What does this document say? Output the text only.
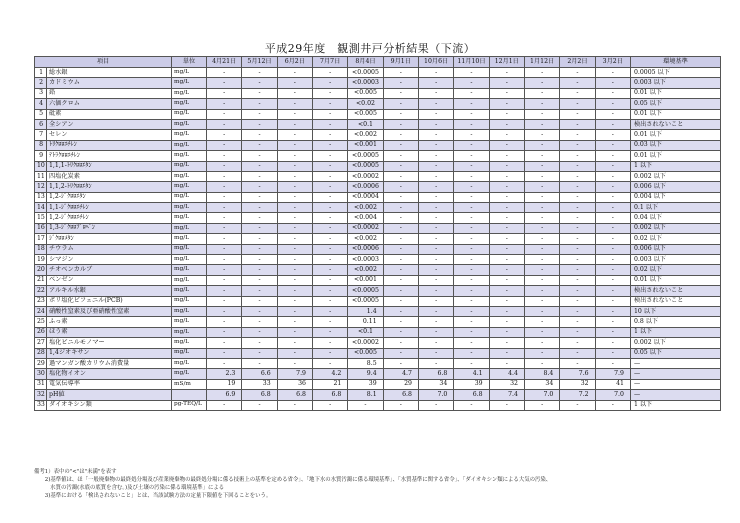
平成29年度　観測井戸分析結果（下流）
項目		単位	4月21日	5月12日	6月2日	7月7日	8月4日	9月1日	10月6日	11月10日	12月1日	1月12日	2月2日	3月2日	環境基準
1	総水銀	mg/L	-	-	-	-	<0.0005	-	-	-	-	-	-	-	0.0005 以下
2	カドミウム	mg/L	-	-	-	-	<0.0003	-	-	-	-	-	-	-	0.003 以下
3	鉛	mg/L	-	-	-	-	<0.005	-	-	-	-	-	-	-	0.01 以下
4	六価クロム	mg/L	-	-	-	-	<0.02	-	-	-	-	-	-	-	0.05 以下
5	砒素	mg/L	-	-	-	-	<0.005	-	-	-	-	-	-	-	0.01 以下
6	全シアン	mg/L	-	-	-	-	<0.1	-	-	-	-	-	-	-	検出されないこと
7	セレン	mg/L	-	-	-	-	<0.002	-	-	-	-	-	-	-	0.01 以下
8	ﾄﾘｸﾛﾛｴﾁﾚﾝ	mg/L	-	-	-	-	<0.001	-	-	-	-	-	-	-	0.03 以下
9	ﾃﾄﾗｸﾛﾛｴﾁﾚﾝ	mg/L	-	-	-	-	<0.0005	-	-	-	-	-	-	-	0.01 以下
10	1,1,1-ﾄﾘｸﾛﾛｴﾀﾝ	mg/L	-	-	-	-	<0.0005	-	-	-	-	-	-	-	1 以下
11	四塩化炭素	mg/L	-	-	-	-	<0.0002	-	-	-	-	-	-	-	0.002 以下
12	1,1,2-ﾄﾘｸﾛﾛｴﾀﾝ	mg/L	-	-	-	-	<0.0006	-	-	-	-	-	-	-	0.006 以下
13	1,2-ｼﾞｸﾛﾛｴﾀﾝ	mg/L	-	-	-	-	<0.0004	-	-	-	-	-	-	-	0.004 以下
14	1,1-ｼﾞｸﾛﾛｴﾁﾚﾝ	mg/L	-	-	-	-	<0.002	-	-	-	-	-	-	-	0.1 以下
15	1,2-ｼﾞｸﾛﾛｴﾁﾚﾝ	mg/L	-	-	-	-	<0.004	-	-	-	-	-	-	-	0.04 以下
16	1,3-ｼﾞｸﾛﾛﾌﾟﾛﾍﾟﾝ	mg/L	-	-	-	-	<0.0002	-	-	-	-	-	-	-	0.002 以下
17	ｼﾞｸﾛﾛﾒﾀﾝ	mg/L	-	-	-	-	<0.002	-	-	-	-	-	-	-	0.02 以下
18	チウラム	mg/L	-	-	-	-	<0.0006	-	-	-	-	-	-	-	0.006 以下
19	シマジン	mg/L	-	-	-	-	<0.0003	-	-	-	-	-	-	-	0.003 以下
20	チオベンカルブ	mg/L	-	-	-	-	<0.002	-	-	-	-	-	-	-	0.02 以下
21	ベンゼン	mg/L	-	-	-	-	<0.001	-	-	-	-	-	-	-	0.01 以下
22	アルキル水銀	mg/L	-	-	-	-	<0.0005	-	-	-	-	-	-	-	検出されないこと
23	ポリ塩化ビフェニル(PCB)	mg/L	-	-	-	-	<0.0005	-	-	-	-	-	-	-	検出されないこと
24	硝酸性窒素及び亜硝酸性窒素	mg/L	-	-	-	-	1.4	-	-	-	-	-	-	-	10 以下
25	ふっ素	mg/L	-	-	-	-	0.11	-	-	-	-	-	-	-	0.8 以下
26	ほう素	mg/L	-	-	-	-	<0.1	-	-	-	-	-	-	-	1 以下
27	塩化ビニルモノマー	mg/L	-	-	-	-	<0.0002	-	-	-	-	-	-	-	0.002 以下
28	1,4ジオキサン	mg/L	-	-	-	-	<0.005	-	-	-	-	-	-	-	0.05 以下
29	過マンガン酸カリウム消費量	mg/L	-	-	-	-	8.5	-	-	-	-	-	-	-	—
30	塩化物イオン	mg/L	2.3	6.6	7.9	4.2	9.4	4.7	6.8	4.1	4.4	8.4	7.6	7.9	—
31	電気伝導率	mS/m	19	33	36	21	39	29	34	39	32	34	32	41	—
32	pH値		6.9	6.8	6.8	6.8	8.1	6.8	7.0	6.8	7.4	7.0	7.2	7.0	—
33	ダイオキシン類	pg-TEQ/L	-	-	-	-	-	-	-	-	-	-	-	-	1 以下
備考1）表中の"<"は"未満"を表す
　　2)基準値は、ほ「一般廃棄物の最終処分場及び産業廃棄物の最終処分場に係る技術上の基準を定める省令」、「地下水の水質汚濁に係る環境基準」、「水質基準に関する省令」、「ダイオキシン類による大気の汚染、
　　　水質の汚濁(水底の底質を含む。)及び土壌の汚染に係る環境基準」による
　　3)基準における「検出されないこと」とは、当該試験方法の定量下限値を下回ることをいう。
